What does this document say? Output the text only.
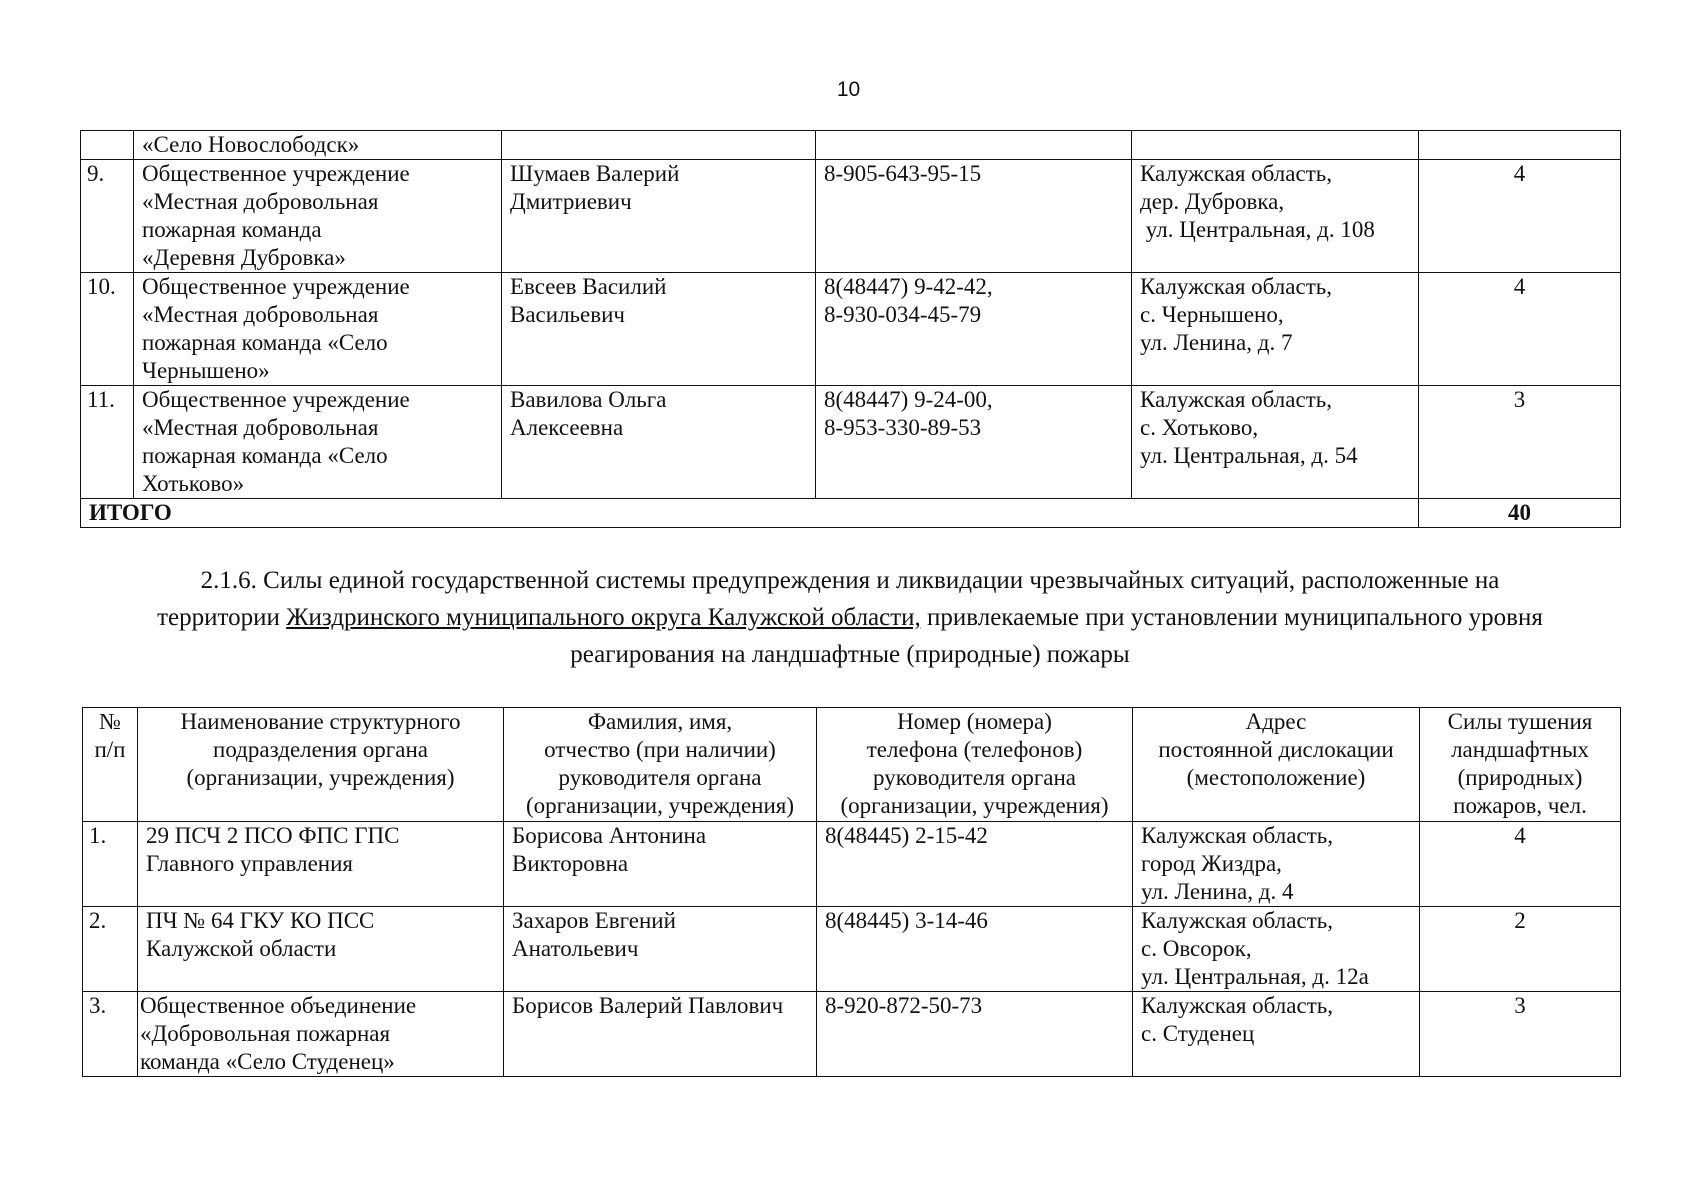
10

	«Село Новослободск»				

9.	Общественное учреждение
«Местная добровольная
пожарная команда
«Деревня Дубровка»	Шумаев Валерий
Дмитриевич	8-905-643-95-15	Калужская область,
дер. Дубровка,
ул. Центральная, д. 108	4
10.	Общественное учреждение
«Местная добровольная
пожарная команда «Село
Чернышено»	Евсеев Василий
Васильевич	8(48447) 9-42-42,
8-930-034-45-79	Калужская область,
с. Чернышено,
ул. Ленина, д. 7	4
11.	Общественное учреждение
«Местная добровольная
пожарная команда «Село
Хотьково»	Вавилова Ольга
Алексеевна	8(48447) 9-24-00,
8-953-330-89-53	Калужская область,
с. Хотьково,
ул. Центральная, д. 54	3
ИТОГО					40
2.1.6. Силы единой государственной системы предупреждения и ликвидации чрезвычайных ситуаций, расположенные на
территории Жиздринского муниципального округа Калужской области, привлекаемые при установлении муниципального уровня
реагирования на ландшафтные (природные) пожары
№
п/п	Наименование структурного
подразделения органа
(организации, учреждения)	Фамилия, имя,
отчество (при наличии)
руководителя органа
(организации, учреждения)	Номер (номера)
телефона (телефонов)
руководителя органа
(организации, учреждения)	Адрес
постоянной дислокации
(местоположение)	Силы тушения
ландшафтных
(природных)
пожаров, чел.

1.	29 ПСЧ 2 ПСО ФПС ГПС
Главного управления	Борисова Антонина
Викторовна	8(48445) 2-15-42	Калужская область,
город Жиздра,
ул. Ленина, д. 4	4
2.	ПЧ № 64 ГКУ КО ПСС
Калужской области	Захаров Евгений
Анатольевич	8(48445) 3-14-46	Калужская область,
с. Овсорок,
ул. Центральная, д. 12а	2
3.	Общественное объединение
«Добровольная пожарная
команда «Село Студенец»	Борисов Валерий Павлович	8-920-872-50-73	Калужская область,
с. Студенец	3
